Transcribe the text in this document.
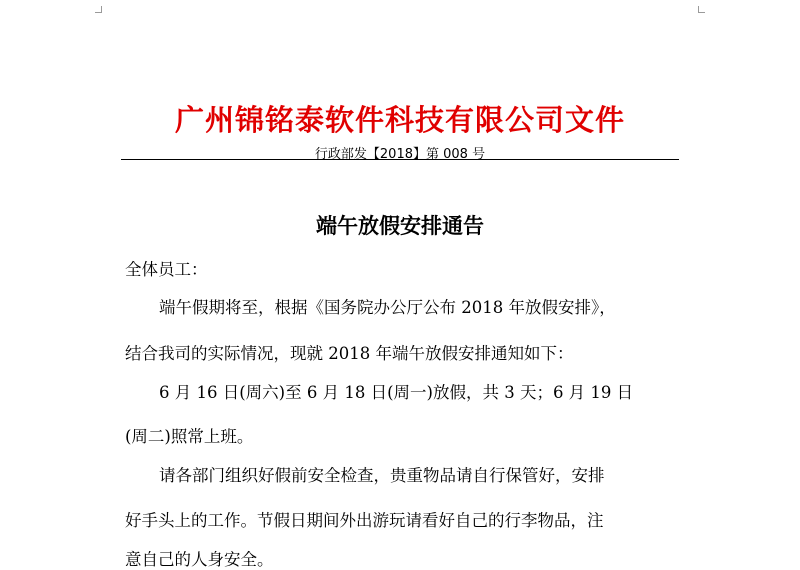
广州锦铭泰软件科技有限公司文件
行政部发【2018】第 008 号
端午放假安排通告
全体员工：
端午假期将至，根据《国务院办公厅公布 2018 年放假安排》，
结合我司的实际情况，现就 2018 年端午放假安排通知如下：
6 月 16 日(周六)至 6 月 18 日(周一)放假，共 3 天；6 月 19 日
(周二)照常上班。
请各部门组织好假前安全检查，贵重物品请自行保管好，安排
好手头上的工作。节假日期间外出游玩请看好自己的行李物品，注
意自己的人身安全。
